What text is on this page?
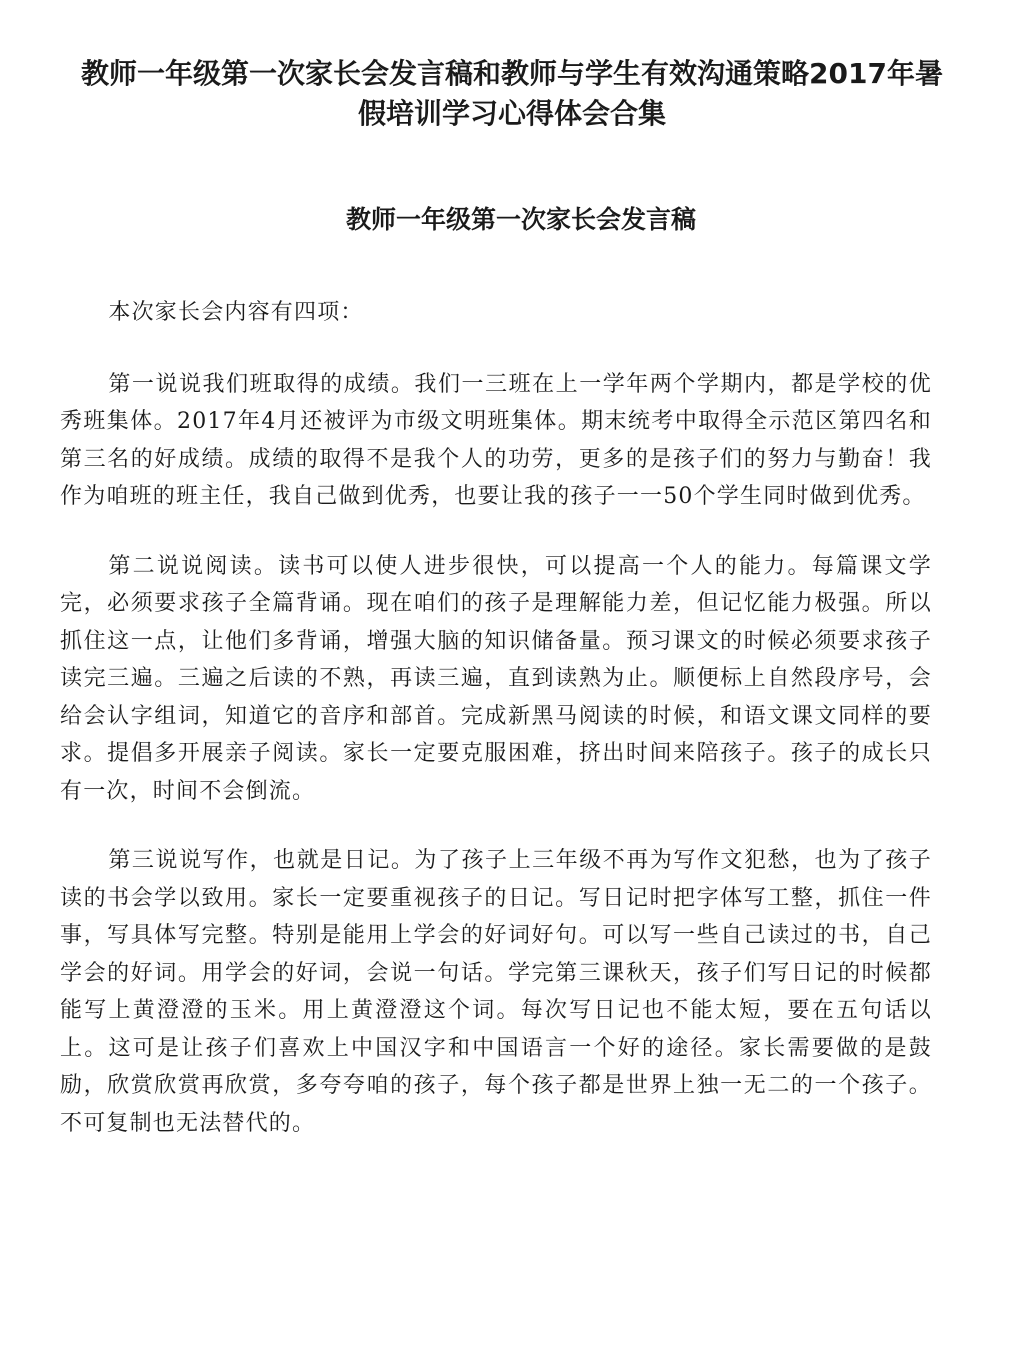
教师一年级第一次家长会发言稿和教师与学生有效沟通策略2017年暑假培训学习心得体会合集
教师一年级第一次家长会发言稿

本次家长会内容有四项：

第一说说我们班取得的成绩。我们一三班在上一学年两个学期内，都是学校的优秀班集体。2017年4月还被评为市级文明班集体。期末统考中取得全示范区第四名和第三名的好成绩。成绩的取得不是我个人的功劳，更多的是孩子们的努力与勤奋！我作为咱班的班主任，我自己做到优秀，也要让我的孩子一一50个学生同时做到优秀。

第二说说阅读。读书可以使人进步很快，可以提高一个人的能力。每篇课文学完，必须要求孩子全篇背诵。现在咱们的孩子是理解能力差，但记忆能力极强。所以抓住这一点，让他们多背诵，增强大脑的知识储备量。预习课文的时候必须要求孩子读完三遍。三遍之后读的不熟，再读三遍，直到读熟为止。顺便标上自然段序号，会给会认字组词，知道它的音序和部首。完成新黑马阅读的时候，和语文课文同样的要求。提倡多开展亲子阅读。家长一定要克服困难，挤出时间来陪孩子。孩子的成长只有一次，时间不会倒流。

第三说说写作，也就是日记。为了孩子上三年级不再为写作文犯愁，也为了孩子读的书会学以致用。家长一定要重视孩子的日记。写日记时把字体写工整，抓住一件事，写具体写完整。特别是能用上学会的好词好句。可以写一些自己读过的书，自己学会的好词。用学会的好词，会说一句话。学完第三课秋天，孩子们写日记的时候都能写上黄澄澄的玉米。用上黄澄澄这个词。每次写日记也不能太短，要在五句话以上。这可是让孩子们喜欢上中国汉字和中国语言一个好的途径。家长需要做的是鼓励，欣赏欣赏再欣赏，多夸夸咱的孩子，每个孩子都是世界上独一无二的一个孩子。不可复制也无法替代的。
